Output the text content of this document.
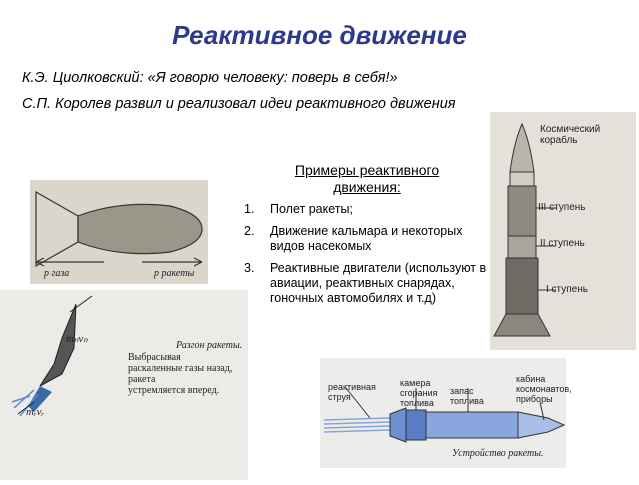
Реактивное движение
К.Э. Циолковский: «Я говорю человеку: поверь в себя!»
С.П. Королев развил и реализовал идеи реактивного движения
p газа	p ракеты
Примеры реактивного
движения:
1. Полет ракеты;
2. Движение кальмара и некоторых видов насекомых
3. Реактивные двигатели (используют в авиации, реактивных снарядах, гоночных автомобилях и т.д)
Космический
корабль
III ступень
II ступень
I ступень
mₙvₙ
mᵣvᵣ
Разгон ракеты.
Выбрасывая
раскаленные газы назад,
ракета
устремляется вперед.	реактивная
струя
камера
сгорания
топлива
запас
топлива
кабина
космонавтов,
приборы
Устройство ракеты.
